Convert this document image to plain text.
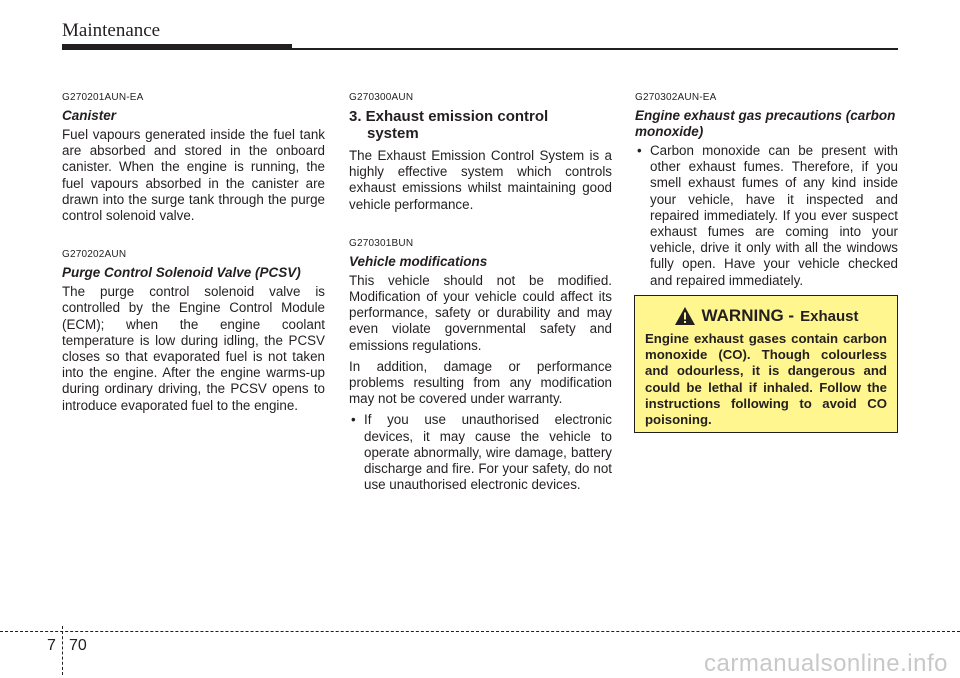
Maintenance
G270201AUN-EA
Canister

Fuel vapours generated inside the fuel tank are absorbed and stored in the onboard canister. When the engine is running, the fuel vapours absorbed in the canister are drawn into the surge tank through the purge control solenoid valve.

G270202AUN
Purge Control Solenoid Valve (PCSV)

The purge control solenoid valve is controlled by the Engine Control Module (ECM); when the engine coolant temperature is low during idling, the PCSV closes so that evaporated fuel is not taken into the engine. After the engine warms-up during ordinary driving, the PCSV opens to introduce evaporated fuel to the engine.

G270300AUN
3. Exhaust emission control
system

The Exhaust Emission Control System is a highly effective system which controls exhaust emissions whilst maintaining good vehicle performance.

G270301BUN
Vehicle modifications

This vehicle should not be modified. Modification of your vehicle could affect its performance, safety or durability and may even violate governmental safety and emissions regulations.

In addition, damage or performance problems resulting from any modification may not be covered under warranty.

• If you use unauthorised electronic devices, it may cause the vehicle to operate abnormally, wire damage, battery discharge and fire. For your safety, do not use unauthorised electronic devices.

G270302AUN-EA
Engine exhaust gas precautions (carbon monoxide)

• Carbon monoxide can be present with other exhaust fumes. Therefore, if you smell exhaust fumes of any kind inside your vehicle, have it inspected and repaired immediately. If you ever suspect exhaust fumes are coming into your vehicle, drive it only with all the windows fully open. Have your vehicle checked and repaired immediately.

WARNING - Exhaust
Engine exhaust gases contain carbon monoxide (CO). Though colourless and odourless, it is dangerous and could be lethal if inhaled. Follow the instructions following to avoid CO poisoning.
7 70
carmanualsonline.info
